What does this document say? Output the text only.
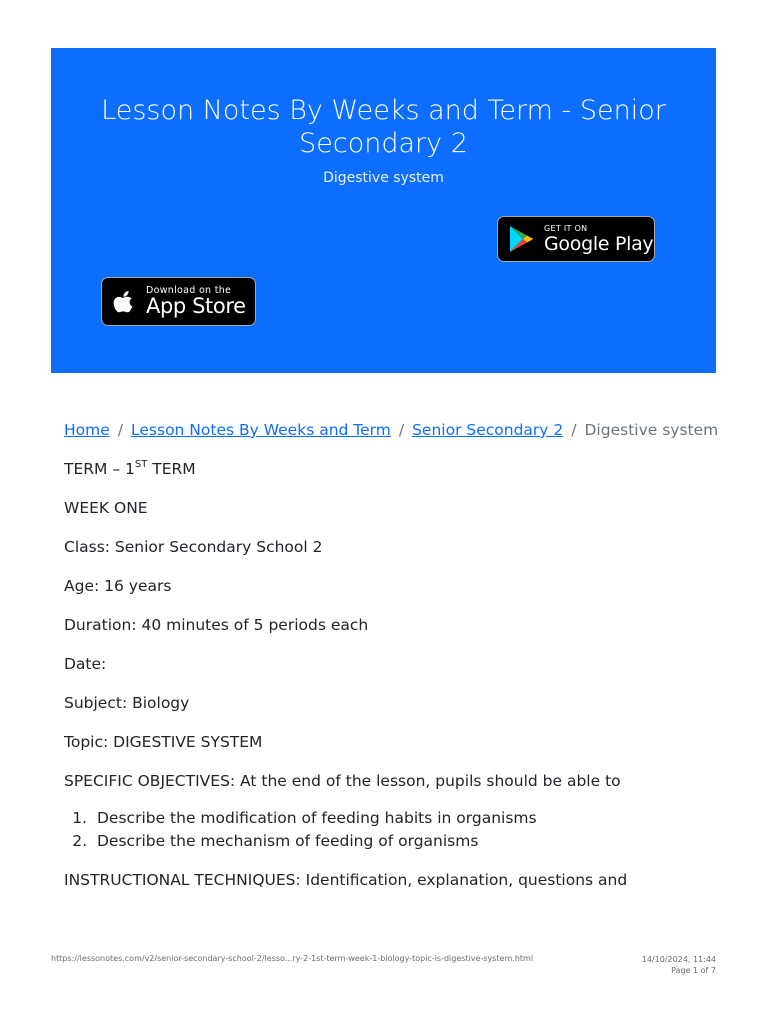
Lesson Notes By Weeks and Term - Senior Secondary 2
Digestive system
GET IT ON
Google Play
Download on the
App Store
Home / Lesson Notes By Weeks and Term / Senior Secondary 2 / Digestive system

TERM – 1ST TERM

WEEK ONE

Class: Senior Secondary School 2

Age: 16 years

Duration: 40 minutes of 5 periods each

Date:

Subject: Biology

Topic: DIGESTIVE SYSTEM

SPECIFIC OBJECTIVES: At the end of the lesson, pupils should be able to

1. Describe the modification of feeding habits in organisms
2. Describe the mechanism of feeding of organisms

INSTRUCTIONAL TECHNIQUES: Identification, explanation, questions and

https://lessonotes.com/v2/senior-secondary-school-2/lesso...ry-2-1st-term-week-1-biology-topic-is-digestive-system.html	14/10/2024, 11:44
Page 1 of 7
